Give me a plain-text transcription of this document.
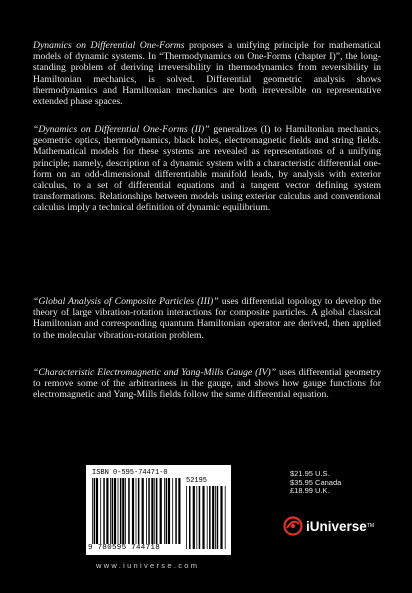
Dynamics on Differential One-Forms proposes a unifying principle for mathematical models of dynamic systems. In “Thermodynamics on One-Forms (chapter I)”, the long-standing problem of deriving irreversibility in thermodynamics from reversibility in Hamiltonian mechanics, is solved. Differential geometric analysis shows thermodynamics and Hamiltonian mechanics are both irreversible on representative extended phase spaces.
“Dynamics on Differential One-Forms (II)” generalizes (I) to Hamiltonian mechanics, geometric optics, thermodynamics, black holes, electromagnetic fields and string fields. Mathematical models for these systems are revealed as representations of a unifying principle; namely, description of a dynamic system with a characteristic differential one-form on an odd-dimensional differentiable manifold leads, by analysis with exterior calculus, to a set of differential equations and a tangent vector defining system transformations. Relationships between models using exterior calculus and conventional calculus imply a technical definition of dynamic equilibrium.
“Global Analysis of Composite Particles (III)” uses differential topology to develop the theory of large vibration-rotation interactions for composite particles. A global classical Hamiltonian and corresponding quantum Hamiltonian operator are derived, then applied to the molecular vibration-rotation problem.
“Characteristic Electromagnetic and Yang-Mills Gauge (IV)” uses differential geometry to remove some of the arbitrariness in the gauge, and shows how gauge functions for electromagnetic and Yang-Mills fields follow the same differential equation.
ISBN 0-595-74471-0
52195
9 780595 744718
$21.95 U.S.
$35.95 Canada
£18.99 U.K.
iUniverse TM
www.iuniverse.com
